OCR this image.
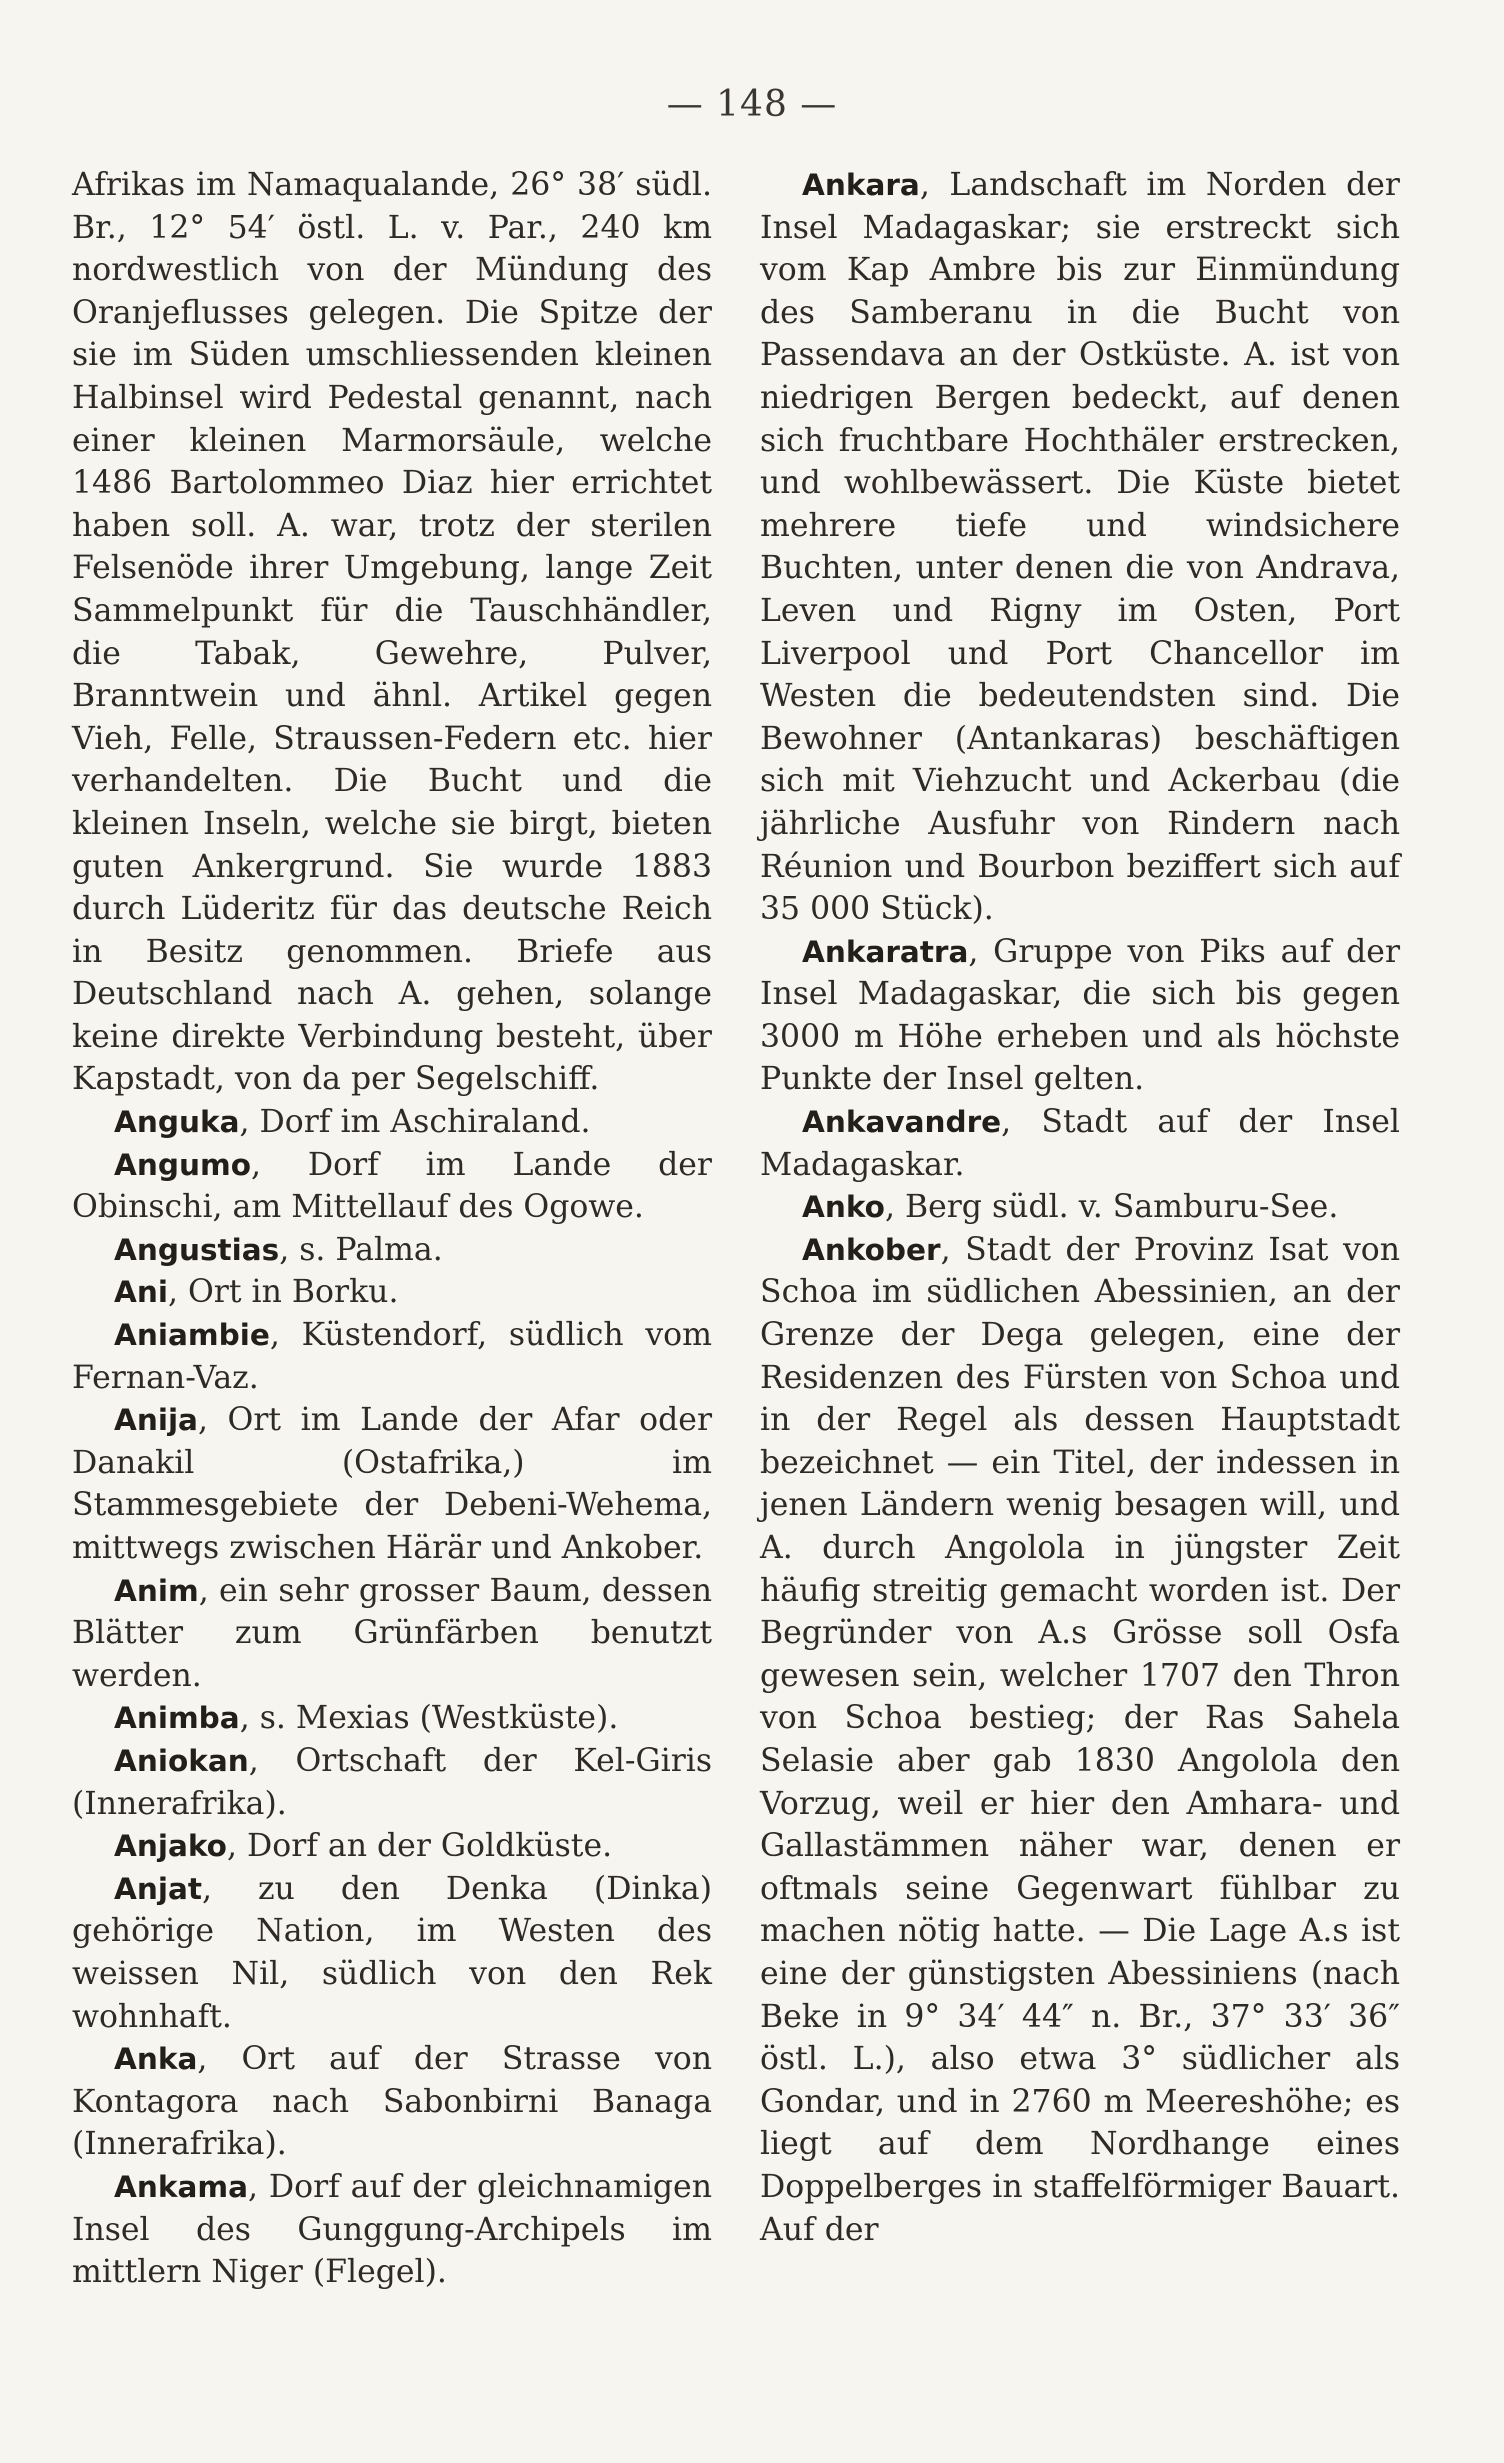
— 148 —

Afrikas im Namaqualande, 26° 38′ südl. Br., 12° 54′ östl. L. v. Par., 240 km nordwestlich von der Mündung des Oranjeflusses gelegen. Die Spitze der sie im Süden umschliessenden kleinen Halbinsel wird Pedestal genannt, nach einer kleinen Marmorsäule, welche 1486 Bartolommeo Diaz hier errichtet haben soll. A. war, trotz der sterilen Felsenöde ihrer Umgebung, lange Zeit Sammelpunkt für die Tauschhändler, die Tabak, Gewehre, Pulver, Branntwein und ähnl. Artikel gegen Vieh, Felle, Straussen-Federn etc. hier verhandelten. Die Bucht und die kleinen Inseln, welche sie birgt, bieten guten Ankergrund. Sie wurde 1883 durch Lüderitz für das deutsche Reich in Besitz genommen. Briefe aus Deutschland nach A. gehen, solange keine direkte Verbindung besteht, über Kapstadt, von da per Segelschiff.

Anguka, Dorf im Aschiraland.

Angumo, Dorf im Lande der Obinschi, am Mittellauf des Ogowe.

Angustias, s. Palma.

Ani, Ort in Borku.

Aniambie, Küstendorf, südlich vom Fernan-Vaz.

Anija, Ort im Lande der Afar oder Danakil (Ostafrika,) im Stammesgebiete der Debeni-Wehema, mittwegs zwischen Härär und Ankober.

Anim, ein sehr grosser Baum, dessen Blätter zum Grünfärben benutzt werden.

Animba, s. Mexias (Westküste).

Aniokan, Ortschaft der Kel-Giris (Innerafrika).

Anjako, Dorf an der Goldküste.

Anjat, zu den Denka (Dinka) gehörige Nation, im Westen des weissen Nil, südlich von den Rek wohnhaft.

Anka, Ort auf der Strasse von Kontagora nach Sabonbirni Banaga (Innerafrika).

Ankama, Dorf auf der gleichnamigen Insel des Gunggung-Archipels im mittlern Niger (Flegel).

Ankara, Landschaft im Norden der Insel Madagaskar; sie erstreckt sich vom Kap Ambre bis zur Einmündung des Samberanu in die Bucht von Passendava an der Ostküste. A. ist von niedrigen Bergen bedeckt, auf denen sich fruchtbare Hochthäler erstrecken, und wohlbewässert. Die Küste bietet mehrere tiefe und windsichere Buchten, unter denen die von Andrava, Leven und Rigny im Osten, Port Liverpool und Port Chancellor im Westen die bedeutendsten sind. Die Bewohner (Antankaras) beschäftigen sich mit Viehzucht und Ackerbau (die jährliche Ausfuhr von Rindern nach Réunion und Bourbon beziffert sich auf 35 000 Stück).

Ankaratra, Gruppe von Piks auf der Insel Madagaskar, die sich bis gegen 3000 m Höhe erheben und als höchste Punkte der Insel gelten.

Ankavandre, Stadt auf der Insel Madagaskar.

Anko, Berg südl. v. Samburu-See.

Ankober, Stadt der Provinz Isat von Schoa im südlichen Abessinien, an der Grenze der Dega gelegen, eine der Residenzen des Fürsten von Schoa und in der Regel als dessen Hauptstadt bezeichnet — ein Titel, der indessen in jenen Ländern wenig besagen will, und A. durch Angolola in jüngster Zeit häufig streitig gemacht worden ist. Der Begründer von A.s Grösse soll Osfa gewesen sein, welcher 1707 den Thron von Schoa bestieg; der Ras Sahela Selasie aber gab 1830 Angolola den Vorzug, weil er hier den Amhara- und Gallastämmen näher war, denen er oftmals seine Gegenwart fühlbar zu machen nötig hatte. — Die Lage A.s ist eine der günstigsten Abessiniens (nach Beke in 9° 34′ 44″ n. Br., 37° 33′ 36″ östl. L.), also etwa 3° südlicher als Gondar, und in 2760 m Meereshöhe; es liegt auf dem Nordhange eines Doppelberges in staffelförmiger Bauart. Auf der
